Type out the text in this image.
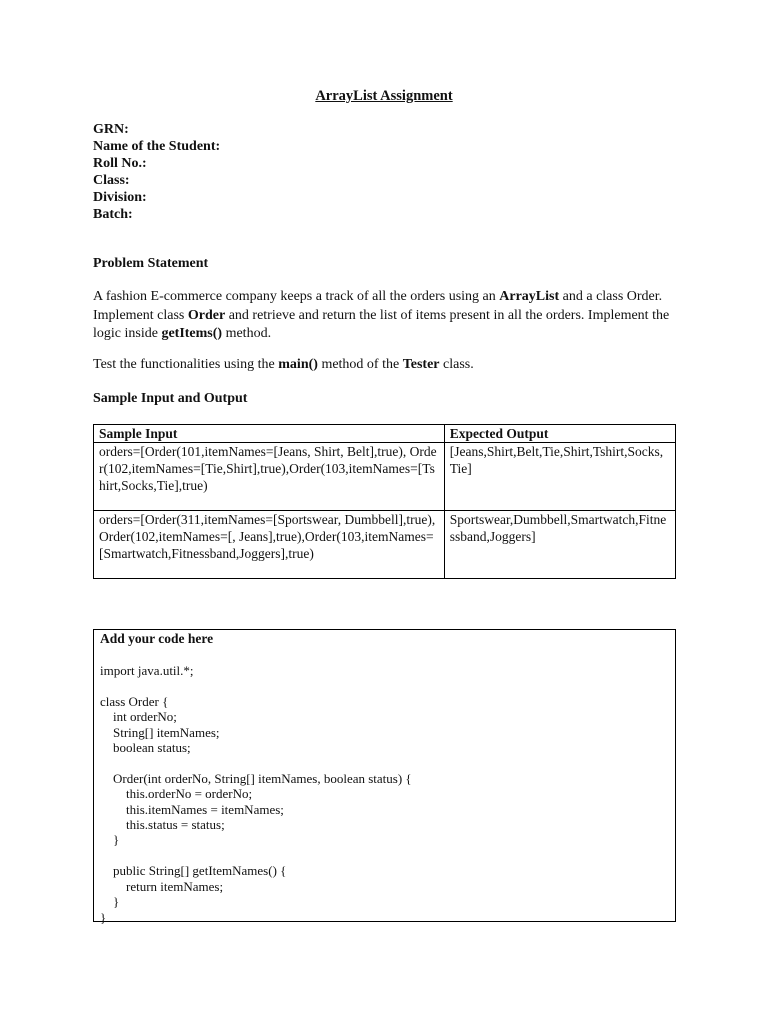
ArrayList Assignment
GRN:
Name of the Student:
Roll No.:
Class:
Division:
Batch:
Problem Statement
A fashion E-commerce company keeps a track of all the orders using an ArrayList and a class Order. Implement class Order and retrieve and return the list of items present in all the orders. Implement the logic inside getItems() method.
Test the functionalities using the main() method of the Tester class.
Sample Input and Output
Sample Input	Expected Output

orders=[Order(101,itemNames=[Jeans, Shirt, Belt],true), Order(102,itemNames=[Tie,Shirt],true),Order(103,itemNames=[Tshirt,Socks,Tie],true)	[Jeans,Shirt,Belt,Tie,Shirt,Tshirt,Socks,Tie]

orders=[Order(311,itemNames=[Sportswear, Dumbbell],true), Order(102,itemNames=[, Jeans],true),Order(103,itemNames=[Smartwatch,Fitnessband,Joggers],true)	Sportswear,Dumbbell,Smartwatch,Fitnessband,Joggers]
Add your code here
import java.util.*;

class Order {
int orderNo;
String[] itemNames;
boolean status;

Order(int orderNo, String[] itemNames, boolean status) {
this.orderNo = orderNo;
this.itemNames = itemNames;
this.status = status;
}

public String[] getItemNames() {
return itemNames;
}
}
